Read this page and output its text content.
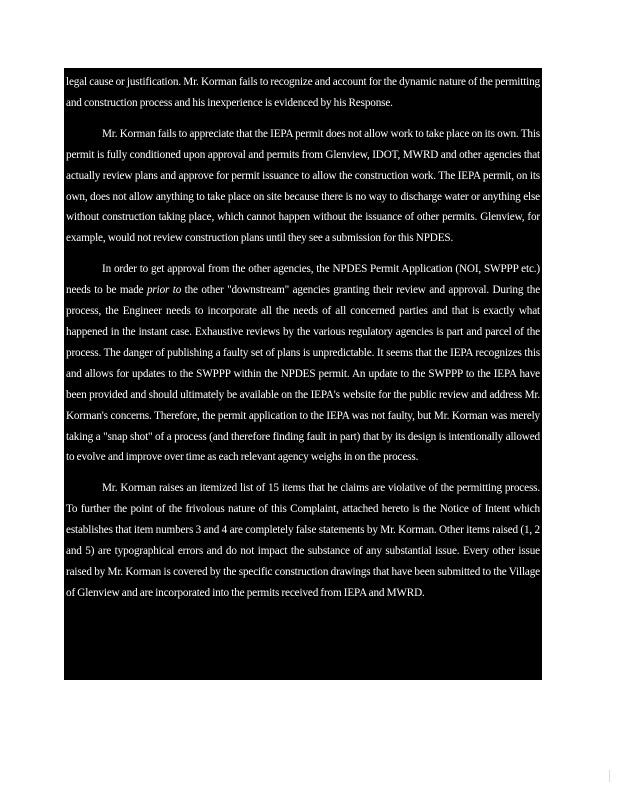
legal cause or justification. Mr. Korman fails to recognize and account for the dynamic nature of the permitting and construction process and his inexperience is evidenced by his Response.

Mr. Korman fails to appreciate that the IEPA permit does not allow work to take place on its own. This permit is fully conditioned upon approval and permits from Glenview, IDOT, MWRD and other agencies that actually review plans and approve for permit issuance to allow the construction work. The IEPA permit, on its own, does not allow anything to take place on site because there is no way to discharge water or anything else without construction taking place, which cannot happen without the issuance of other permits. Glenview, for example, would not review construction plans until they see a submission for this NPDES.

In order to get approval from the other agencies, the NPDES Permit Application (NOI, SWPPP etc.) needs to be made prior to the other "downstream" agencies granting their review and approval. During the process, the Engineer needs to incorporate all the needs of all concerned parties and that is exactly what happened in the instant case. Exhaustive reviews by the various regulatory agencies is part and parcel of the process. The danger of publishing a faulty set of plans is unpredictable. It seems that the IEPA recognizes this and allows for updates to the SWPPP within the NPDES permit. An update to the SWPPP to the IEPA have been provided and should ultimately be available on the IEPA's website for the public review and address Mr. Korman's concerns. Therefore, the permit application to the IEPA was not faulty, but Mr. Korman was merely taking a "snap shot" of a process (and therefore finding fault in part) that by its design is intentionally allowed to evolve and improve over time as each relevant agency weighs in on the process.

Mr. Korman raises an itemized list of 15 items that he claims are violative of the permitting process. To further the point of the frivolous nature of this Complaint, attached hereto is the Notice of Intent which establishes that item numbers 3 and 4 are completely false statements by Mr. Korman. Other items raised (1, 2 and 5) are typographical errors and do not impact the substance of any substantial issue. Every other issue raised by Mr. Korman is covered by the specific construction drawings that have been submitted to the Village of Glenview and are incorporated into the permits received from IEPA and MWRD.
